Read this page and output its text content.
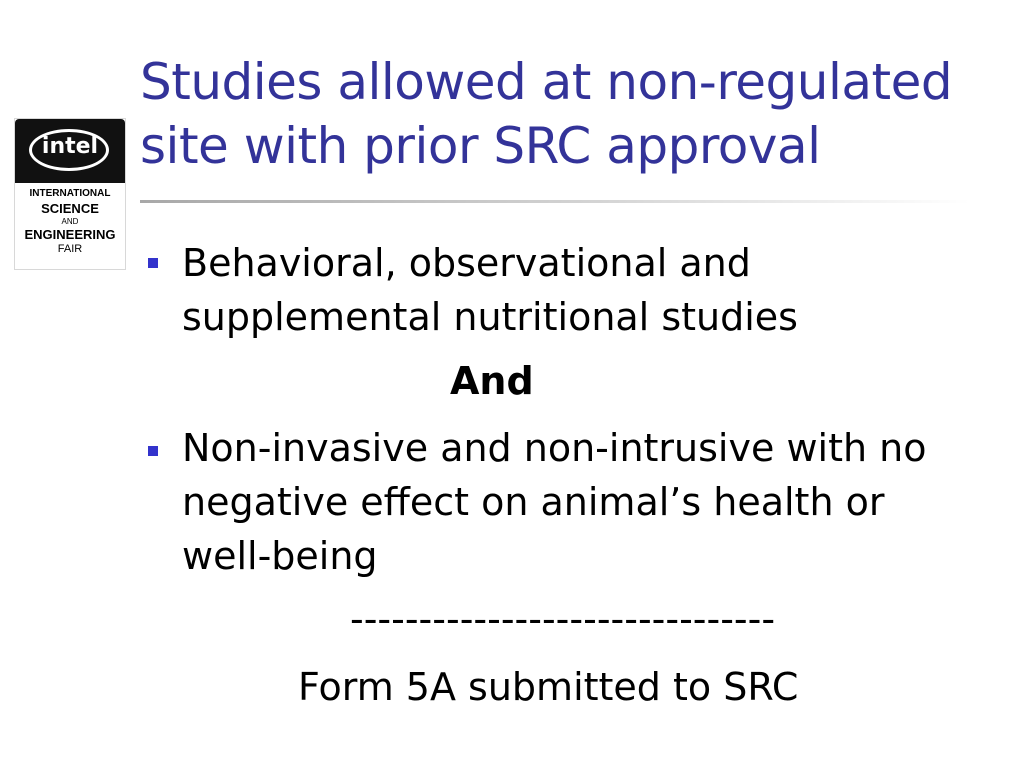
Studies allowed at non-regulated
site with prior SRC approval
intel
INTERNATIONAL
SCIENCE
AND
ENGINEERING
FAIR	Behavioral, observational and
supplemental nutritional studies
And
Non-invasive and non-intrusive with no
negative effect on animal’s health or
well-being
-------------------------------
Form 5A submitted to SRC
